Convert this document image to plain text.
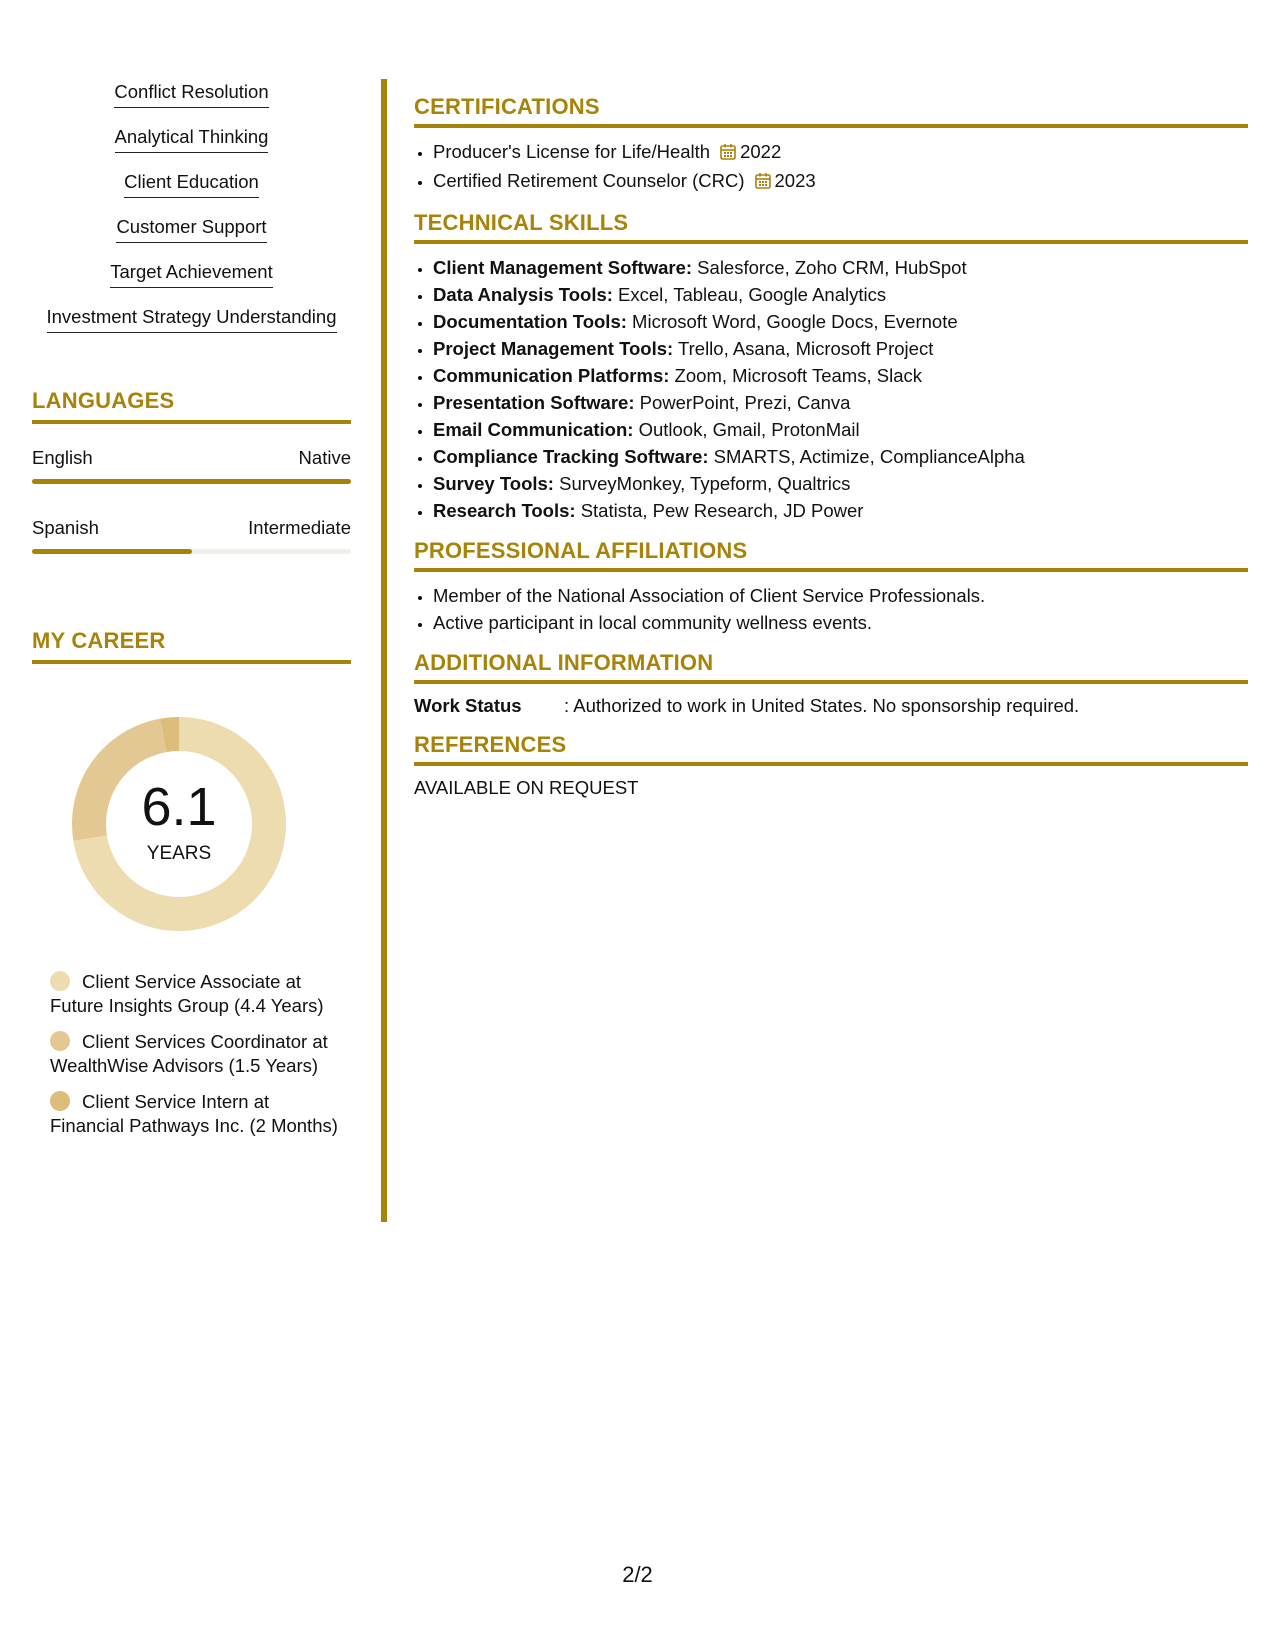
Conflict Resolution
Analytical Thinking
Client Education
Customer Support
Target Achievement
Investment Strategy Understanding
LANGUAGES
English	Native
Spanish	Intermediate
MY CAREER
6.1
YEARS
Client Service Associate at Future Insights Group (4.4 Years)
Client Services Coordinator at WealthWise Advisors (1.5 Years)
Client Service Intern at Financial Pathways Inc. (2 Months)
CERTIFICATIONS
• Producer's License for Life/Health 2022
• Certified Retirement Counselor (CRC) 2023
TECHNICAL SKILLS
• Client Management Software: Salesforce, Zoho CRM, HubSpot
• Data Analysis Tools: Excel, Tableau, Google Analytics
• Documentation Tools: Microsoft Word, Google Docs, Evernote
• Project Management Tools: Trello, Asana, Microsoft Project
• Communication Platforms: Zoom, Microsoft Teams, Slack
• Presentation Software: PowerPoint, Prezi, Canva
• Email Communication: Outlook, Gmail, ProtonMail
• Compliance Tracking Software: SMARTS, Actimize, ComplianceAlpha
• Survey Tools: SurveyMonkey, Typeform, Qualtrics
• Research Tools: Statista, Pew Research, JD Power
PROFESSIONAL AFFILIATIONS
• Member of the National Association of Client Service Professionals.
• Active participant in local community wellness events.
ADDITIONAL INFORMATION
Work Status	: Authorized to work in United States. No sponsorship required.
REFERENCES
AVAILABLE ON REQUEST
2/2
